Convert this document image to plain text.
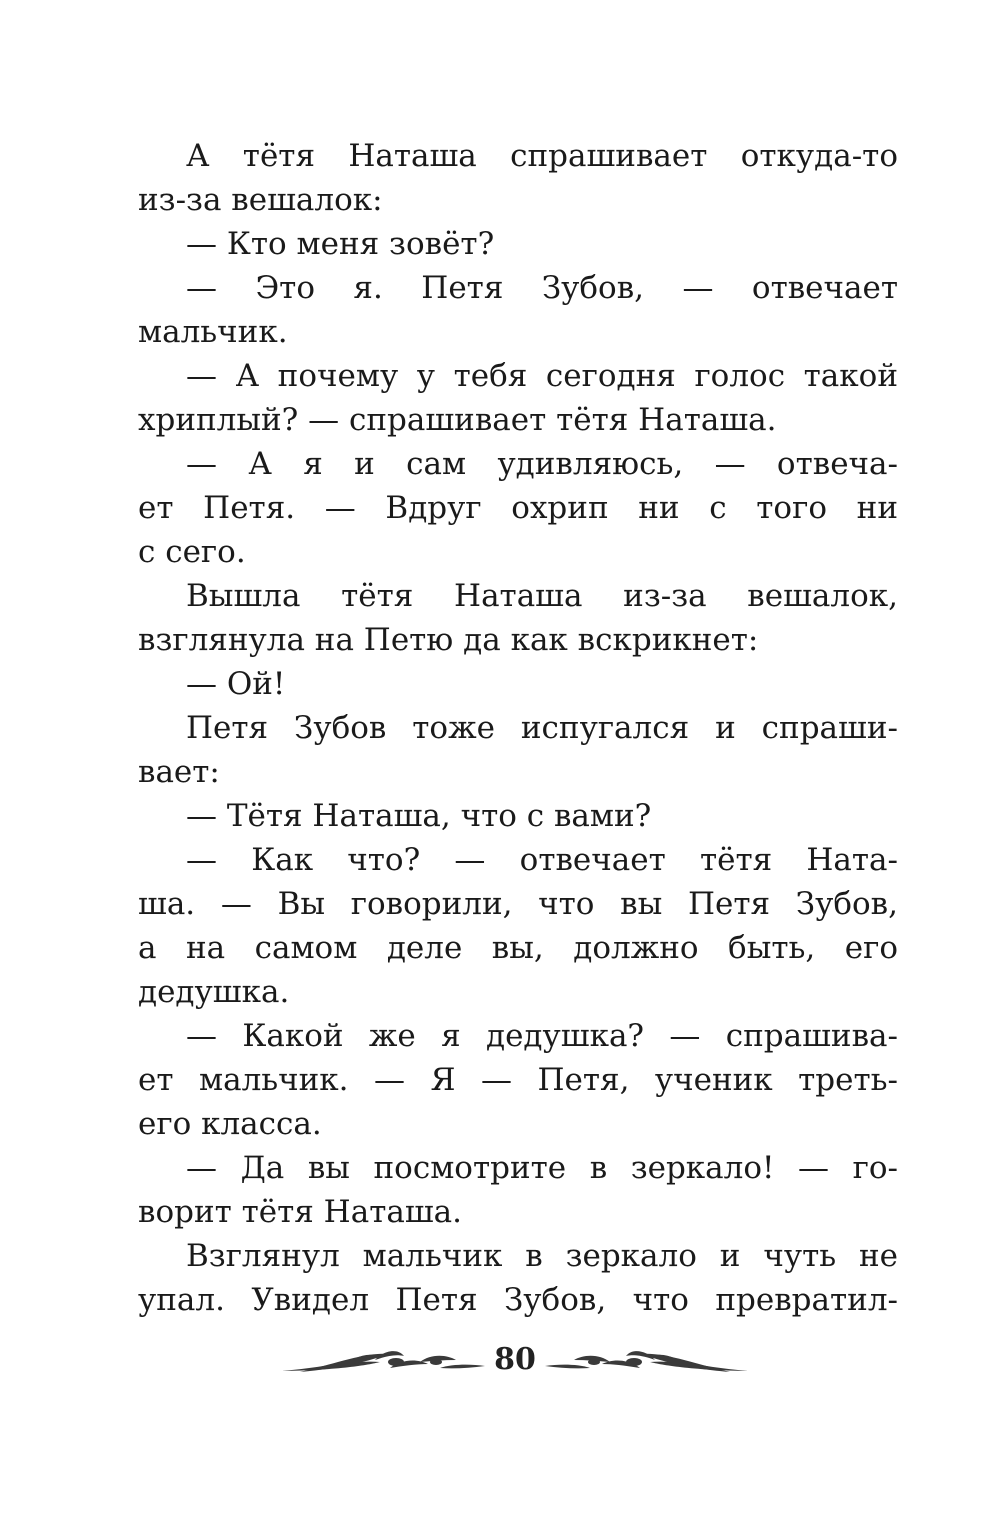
А тётя Наташа спрашивает откуда-то
из-за вешалок:
— Кто меня зовёт?
— Это я. Петя Зубов, — отвечает
мальчик.
— А почему у тебя сегодня голос такой
хриплый? — спрашивает тётя Наташа.
— А я и сам удивляюсь, — отвеча-
ет Петя. — Вдруг охрип ни с того ни
с сего.
Вышла тётя Наташа из-за вешалок,
взглянула на Петю да как вскрикнет:
— Ой!
Петя Зубов тоже испугался и спраши-
вает:
— Тётя Наташа, что с вами?
— Как что? — отвечает тётя Ната-
ша. — Вы говорили, что вы Петя Зубов,
а на самом деле вы, должно быть, его
дедушка.
— Какой же я дедушка? — спрашива-
ет мальчик. — Я — Петя, ученик треть-
его класса.
— Да вы посмотрите в зеркало! — го-
ворит тётя Наташа.
Взглянул мальчик в зеркало и чуть не
упал. Увидел Петя Зубов, что превратил-
80
